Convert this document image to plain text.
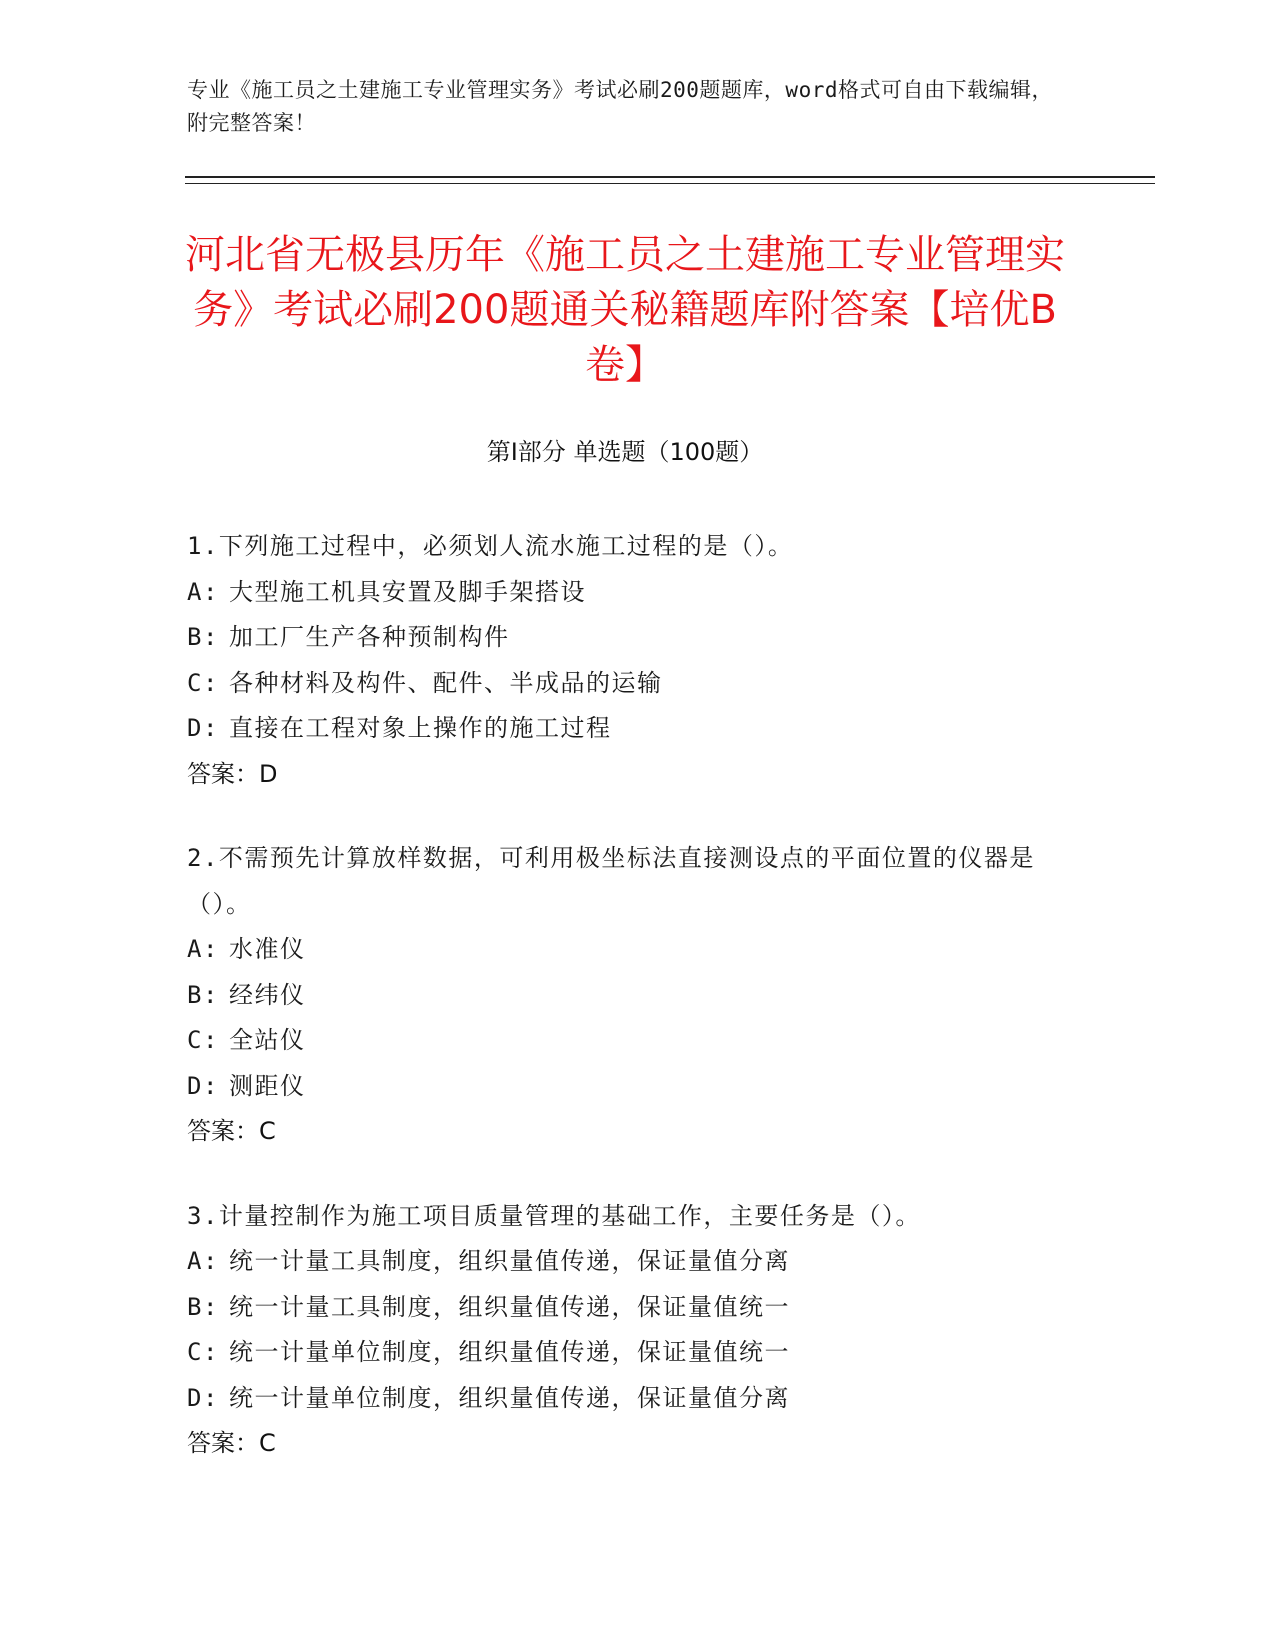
专业《施工员之土建施工专业管理实务》考试必刷200题题库，word格式可自由下载编辑，附完整答案！
河北省无极县历年《施工员之土建施工专业管理实务》考试必刷200题通关秘籍题库附答案【培优B卷】
第Ⅰ部分 单选题（100题）
1.下列施工过程中，必须划人流水施工过程的是（）。
A: 大型施工机具安置及脚手架搭设
B: 加工厂生产各种预制构件
C: 各种材料及构件、配件、半成品的运输
D: 直接在工程对象上操作的施工过程
答案：D
2.不需预先计算放样数据，可利用极坐标法直接测设点的平面位置的仪器是（）。
A: 水准仪
B: 经纬仪
C: 全站仪
D: 测距仪
答案：C
3.计量控制作为施工项目质量管理的基础工作，主要任务是（）。
A: 统一计量工具制度，组织量值传递，保证量值分离
B: 统一计量工具制度，组织量值传递，保证量值统一
C: 统一计量单位制度，组织量值传递，保证量值统一
D: 统一计量单位制度，组织量值传递，保证量值分离
答案：C
